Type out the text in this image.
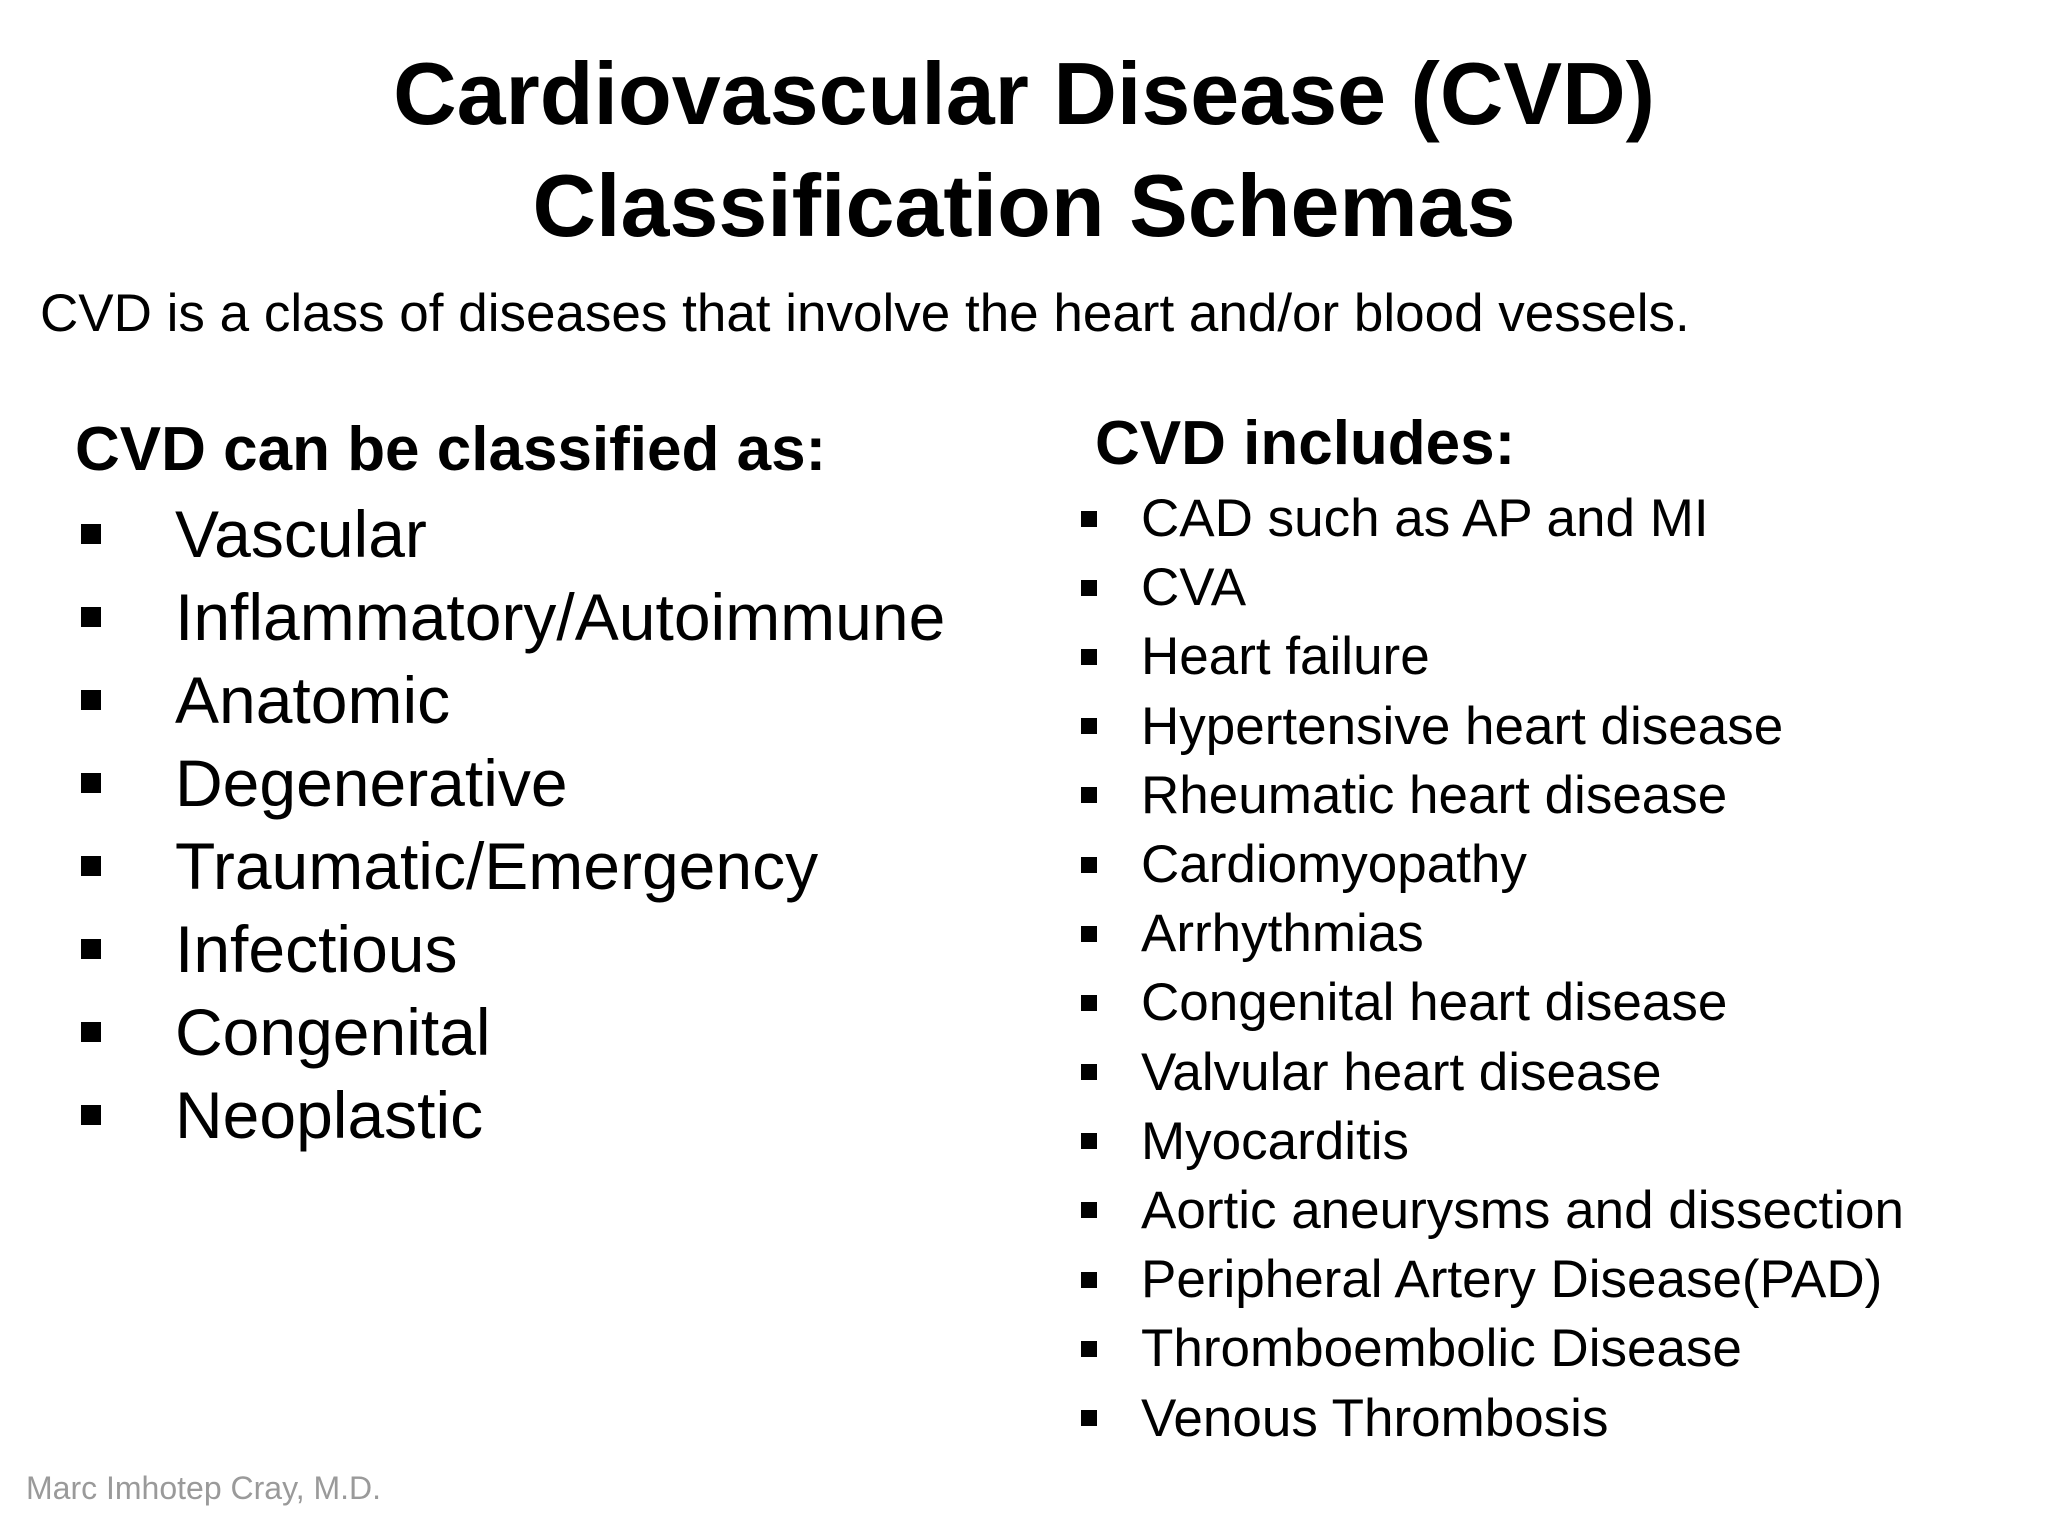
Cardiovascular Disease (CVD)
Classification Schemas

CVD is a class of diseases that involve the heart and/or blood vessels.

CVD can be classified as:
Vascular
Inflammatory/Autoimmune
Anatomic
Degenerative
Traumatic/Emergency
Infectious
Congenital
Neoplastic
CVD includes:
CAD such as AP and MI
CVA
Heart failure
Hypertensive heart disease
Rheumatic heart disease
Cardiomyopathy
Arrhythmias
Congenital heart disease
Valvular heart disease
Myocarditis
Aortic aneurysms and dissection
Peripheral Artery Disease(PAD)
Thromboembolic Disease
Venous Thrombosis
Marc Imhotep Cray, M.D.
